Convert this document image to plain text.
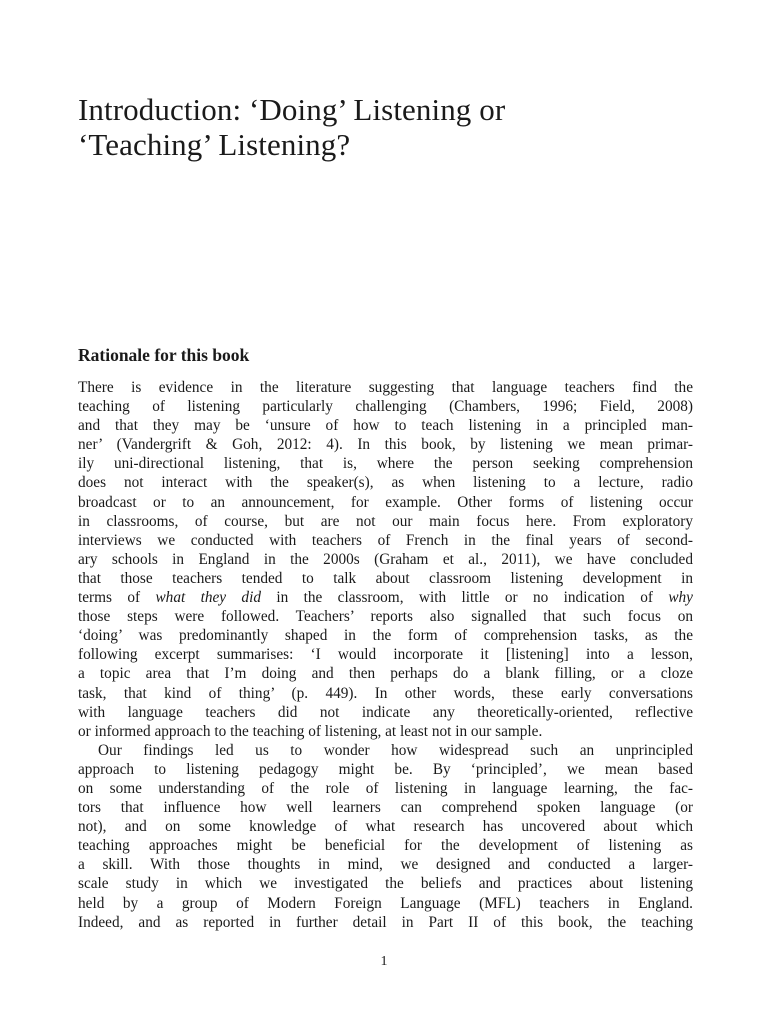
Introduction: ‘Doing’ Listening or
‘Teaching’ Listening?
Rationale for this book
There is evidence in the literature suggesting that language teachers find the
teaching of listening particularly challenging (Chambers, 1996; Field, 2008)
and that they may be ‘unsure of how to teach listening in a principled man-
ner’ (Vandergrift & Goh, 2012: 4). In this book, by listening we mean primar-
ily uni-directional listening, that is, where the person seeking comprehension
does not interact with the speaker(s), as when listening to a lecture, radio
broadcast or to an announcement, for example. Other forms of listening occur
in classrooms, of course, but are not our main focus here. From exploratory
interviews we conducted with teachers of French in the final years of second-
ary schools in England in the 2000s (Graham et al., 2011), we have concluded
that those teachers tended to talk about classroom listening development in
terms of what they did in the classroom, with little or no indication of why
those steps were followed. Teachers’ reports also signalled that such focus on
‘doing’ was predominantly shaped in the form of comprehension tasks, as the
following excerpt summarises: ‘I would incorporate it [listening] into a lesson,
a topic area that I’m doing and then perhaps do a blank filling, or a cloze
task, that kind of thing’ (p. 449). In other words, these early conversations
with language teachers did not indicate any theoretically-oriented, reflective
or informed approach to the teaching of listening, at least not in our sample.
Our findings led us to wonder how widespread such an unprincipled
approach to listening pedagogy might be. By ‘principled’, we mean based
on some understanding of the role of listening in language learning, the fac-
tors that influence how well learners can comprehend spoken language (or
not), and on some knowledge of what research has uncovered about which
teaching approaches might be beneficial for the development of listening as
a skill. With those thoughts in mind, we designed and conducted a larger-
scale study in which we investigated the beliefs and practices about listening
held by a group of Modern Foreign Language (MFL) teachers in England.
Indeed, and as reported in further detail in Part II of this book, the teaching
1
